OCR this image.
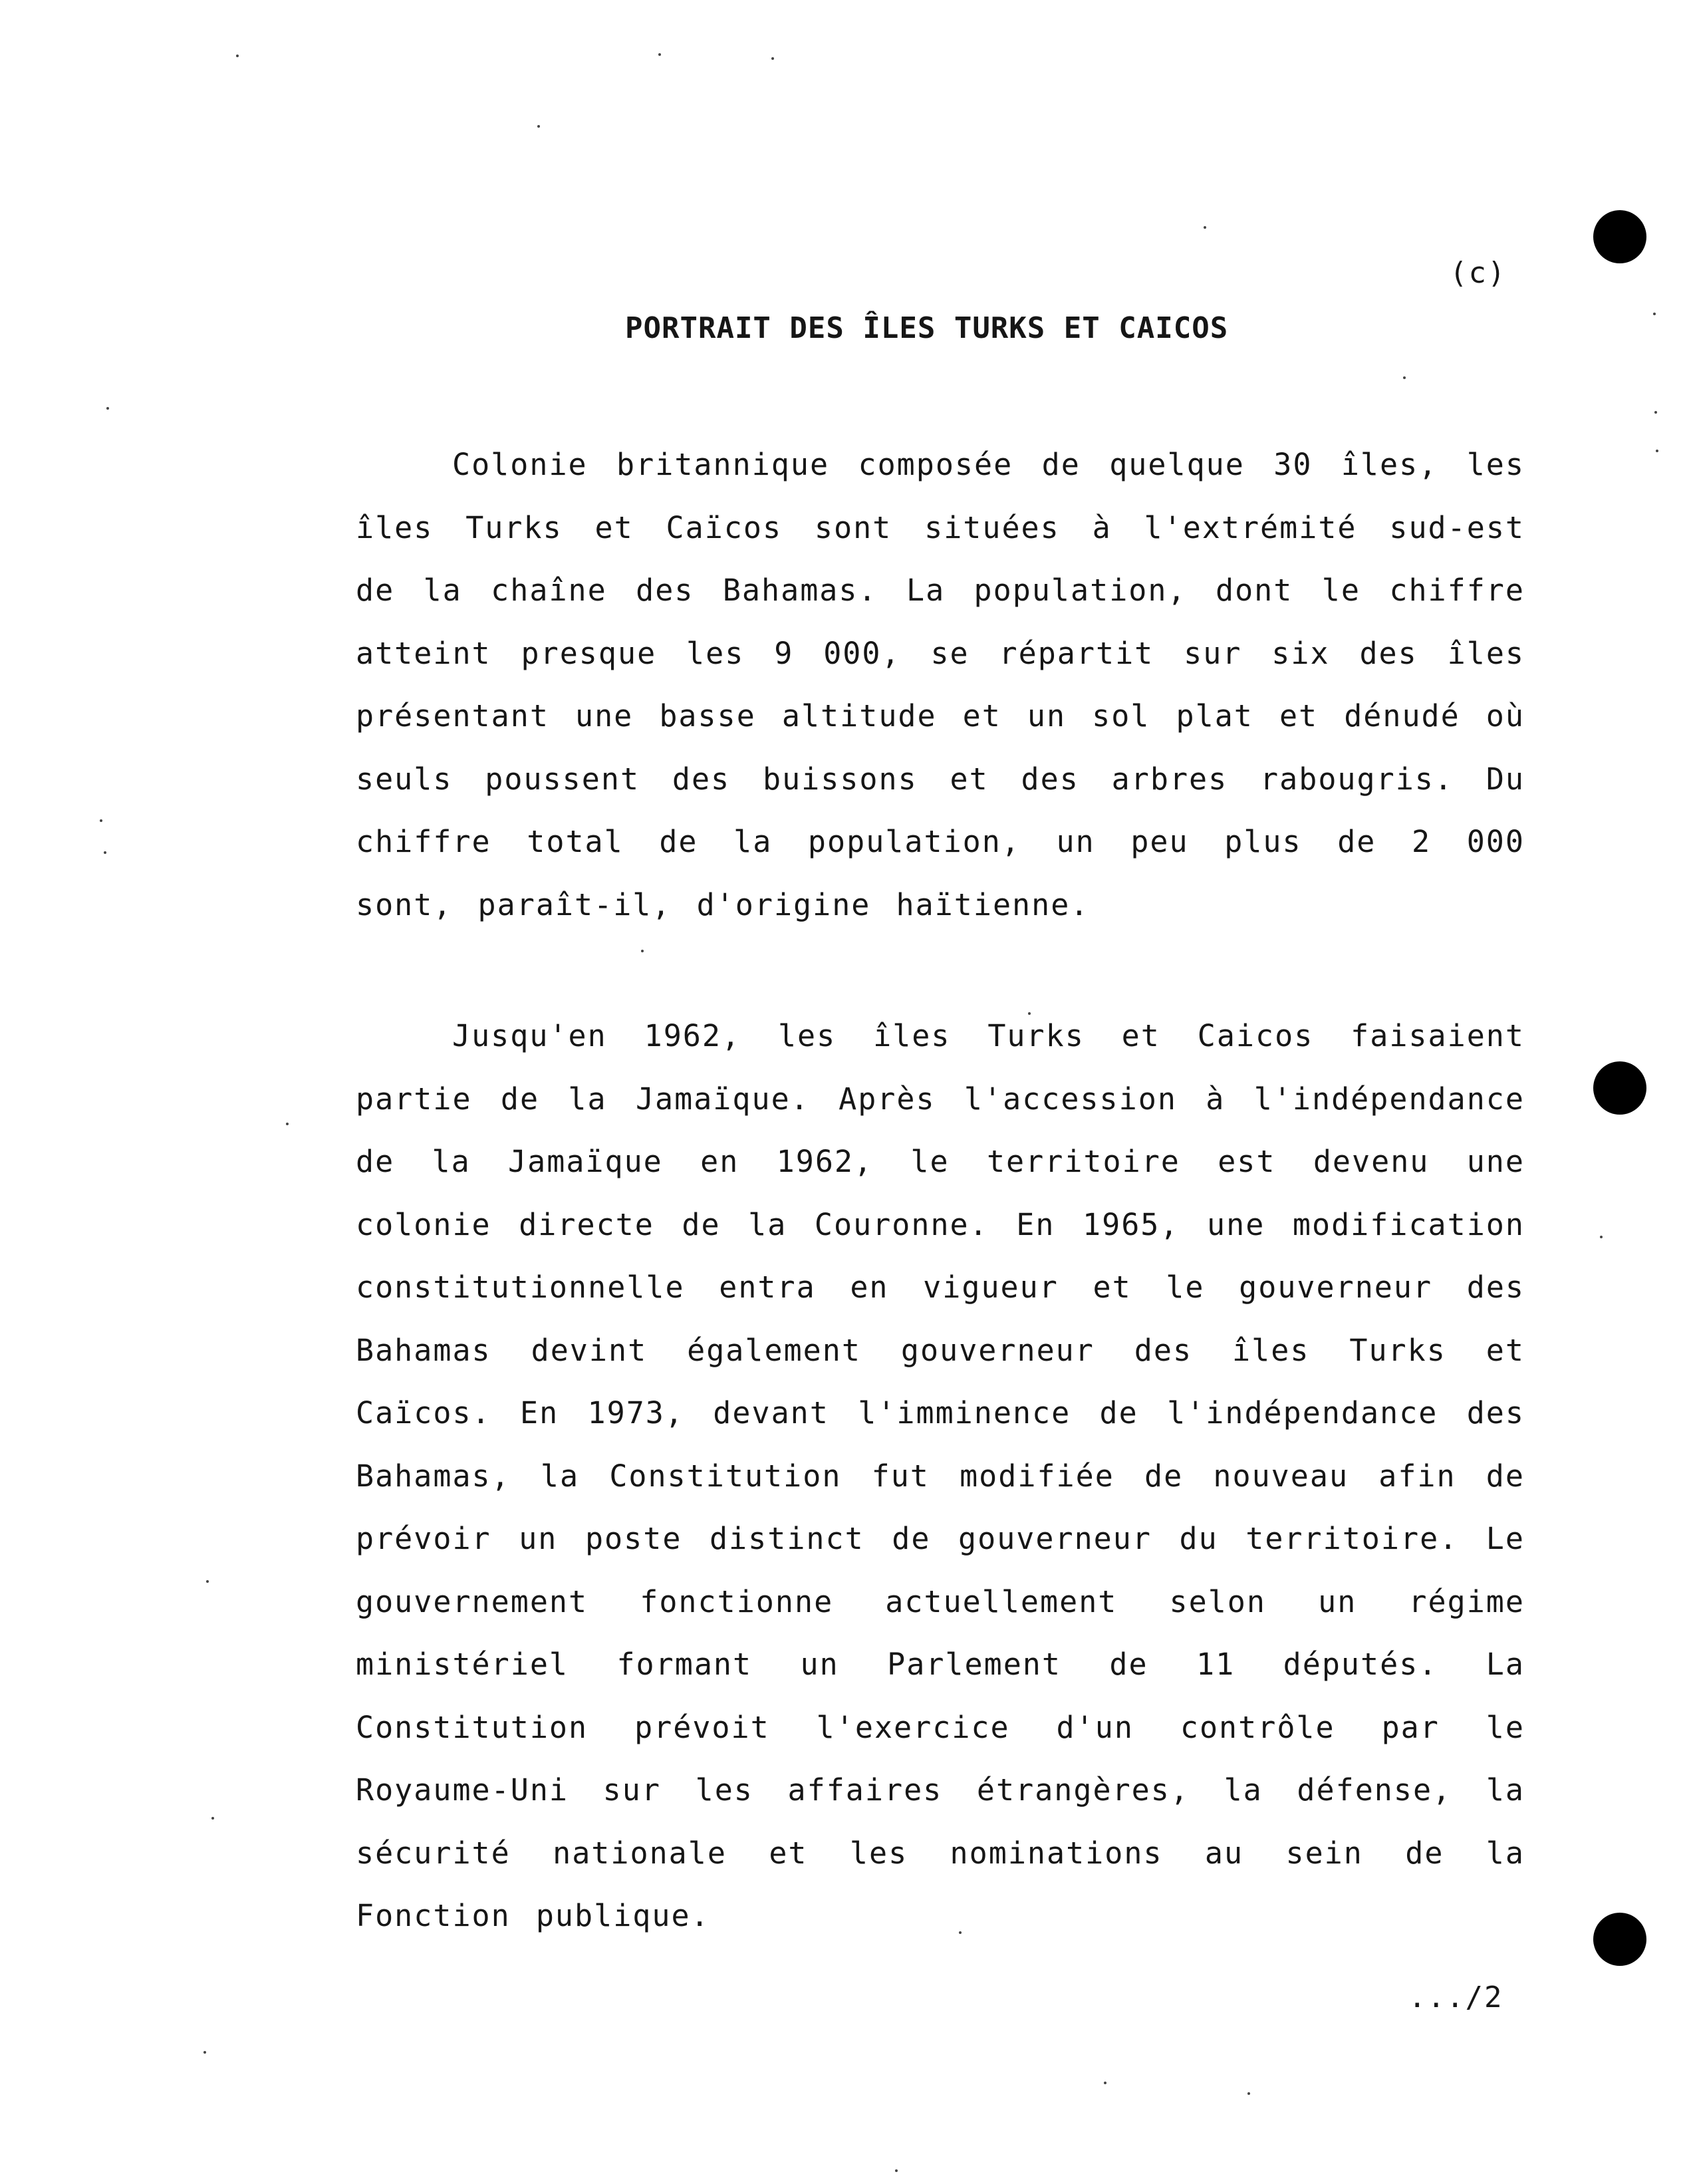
(c)

PORTRAIT DES ÎLES TURKS ET CAICOS

Colonie britannique composée de quelque 30 îles, les îles Turks et Caïcos sont situées à l'extrémité sud-est de la chaîne des Bahamas. La population, dont le chiffre atteint presque les 9 000, se répartit sur six des îles présentant une basse altitude et un sol plat et dénudé où seuls poussent des buissons et des arbres rabougris. Du chiffre total de la population, un peu plus de 2 000 sont, paraît-il, d'origine haïtienne.

Jusqu'en 1962, les îles Turks et Caicos faisaient partie de la Jamaïque. Après l'accession à l'indépendance de la Jamaïque en 1962, le territoire est devenu une colonie directe de la Couronne. En 1965, une modification constitutionnelle entra en vigueur et le gouverneur des Bahamas devint également gouverneur des îles Turks et Caïcos. En 1973, devant l'imminence de l'indépendance des Bahamas, la Constitution fut modifiée de nouveau afin de prévoir un poste distinct de gouverneur du territoire. Le gouvernement fonctionne actuellement selon un régime ministériel formant un Parlement de 11 députés. La Constitution prévoit l'exercice d'un contrôle par le Royaume-Uni sur les affaires étrangères, la défense, la sécurité nationale et les nominations au sein de la Fonction publique.

.../2
